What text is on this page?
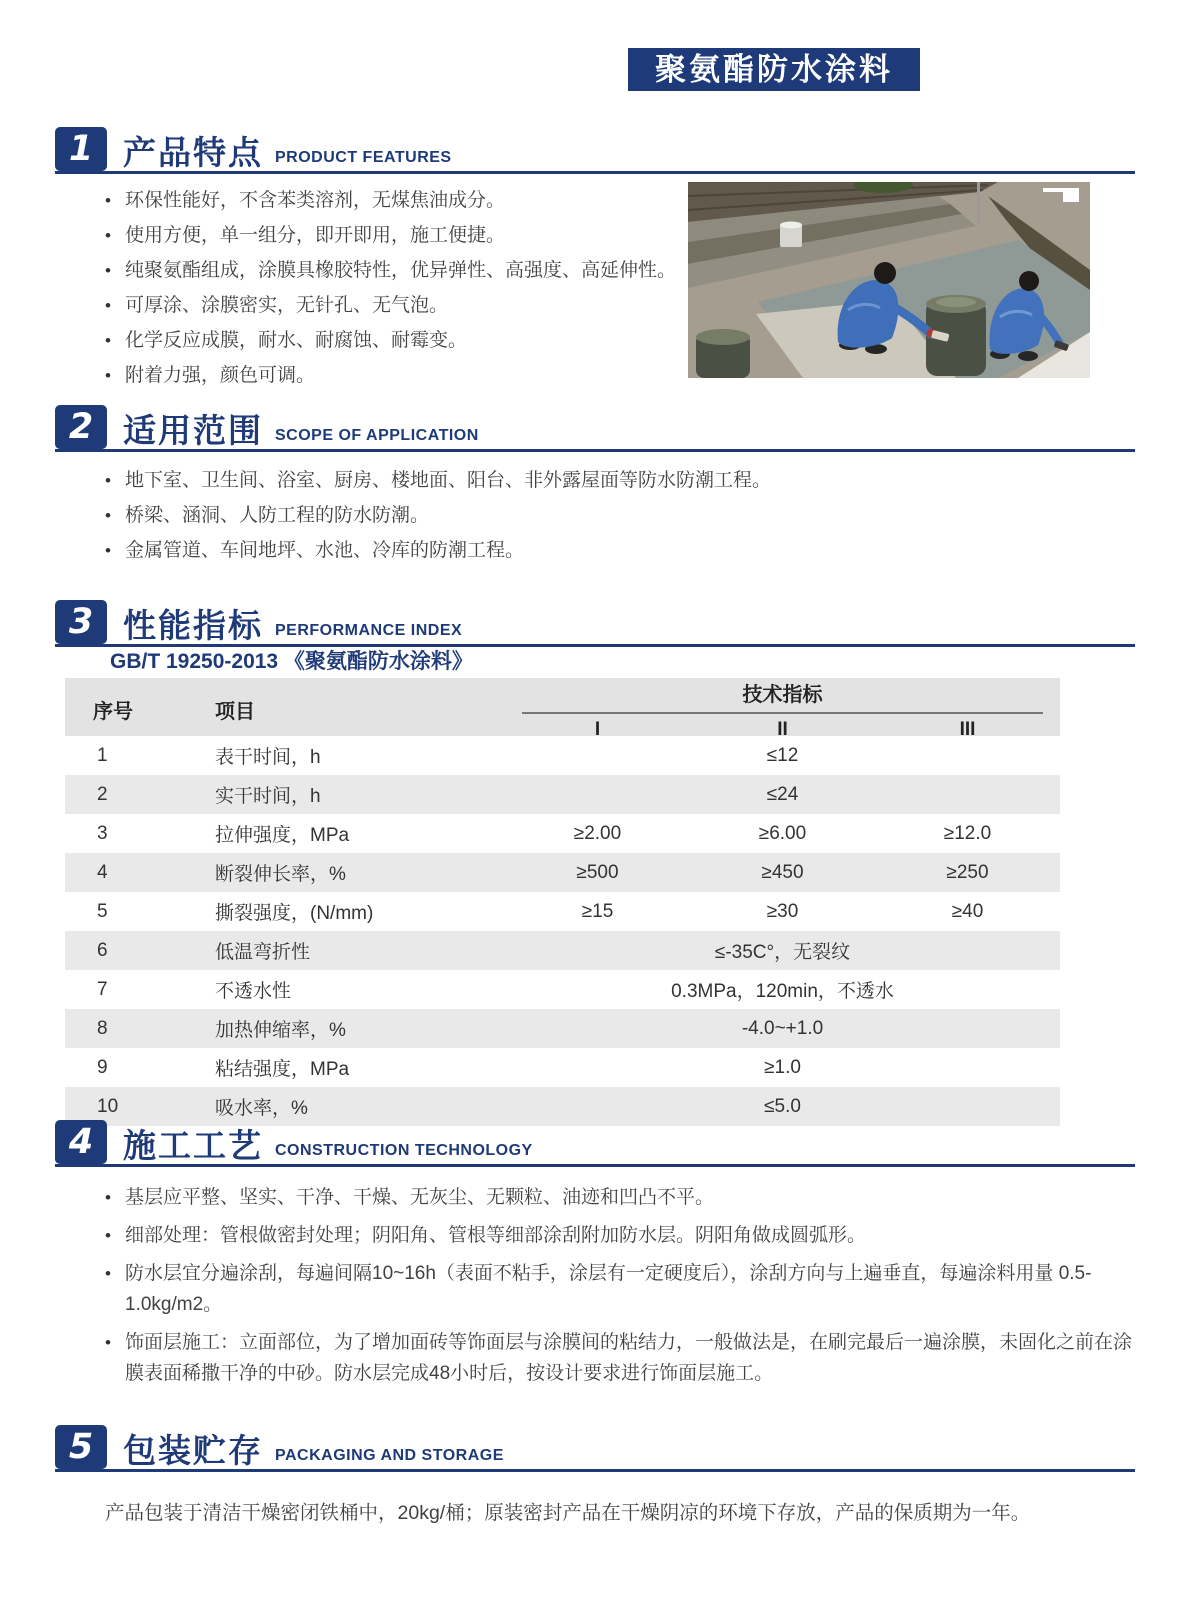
聚氨酯防水涂料
1 产品特点 PRODUCT FEATURES
• 环保性能好，不含苯类溶剂，无煤焦油成分。
• 使用方便，单一组分，即开即用，施工便捷。
• 纯聚氨酯组成，涂膜具橡胶特性，优异弹性、高强度、高延伸性。
• 可厚涂、涂膜密实，无针孔、无气泡。
• 化学反应成膜，耐水、耐腐蚀、耐霉变。
• 附着力强，颜色可调。
2 适用范围 SCOPE OF APPLICATION
• 地下室、卫生间、浴室、厨房、楼地面、阳台、非外露屋面等防水防潮工程。
• 桥梁、涵洞、人防工程的防水防潮。
• 金属管道、车间地坪、水池、冷库的防潮工程。
3 性能指标 PERFORMANCE INDEX
GB/T 19250-2013 《聚氨酯防水涂料》
序号	项目
技术指标
I	II	III
1	表干时间，h	≤12
2	实干时间，h	≤24
3	拉伸强度，MPa	≥2.00	≥6.00	≥12.0
4	断裂伸长率，%	≥500	≥450	≥250
5	撕裂强度，(N/mm)	≥15	≥30	≥40
6	低温弯折性	≤-35C°，无裂纹
7	不透水性	0.3MPa，120min，不透水
8	加热伸缩率，%	-4.0~+1.0
9	粘结强度，MPa	≥1.0
10	吸水率，%	≤5.0
4 施工工艺 CONSTRUCTION TECHNOLOGY
• 基层应平整、坚实、干净、干燥、无灰尘、无颗粒、油迹和凹凸不平。
• 细部处理：管根做密封处理；阴阳角、管根等细部涂刮附加防水层。阴阳角做成圆弧形。
• 防水层宜分遍涂刮，每遍间隔10~16h（表面不粘手，涂层有一定硬度后），涂刮方向与上遍垂直，每遍涂料用量 0.5-1.0kg/m2。
• 饰面层施工：立面部位，为了增加面砖等饰面层与涂膜间的粘结力，一般做法是，在刷完最后一遍涂膜，未固化之前在涂膜表面稀撒干净的中砂。防水层完成48小时后，按设计要求进行饰面层施工。
5 包装贮存 PACKAGING AND STORAGE
产品包装于清洁干燥密闭铁桶中，20kg/桶；原装密封产品在干燥阴凉的环境下存放，产品的保质期为一年。
